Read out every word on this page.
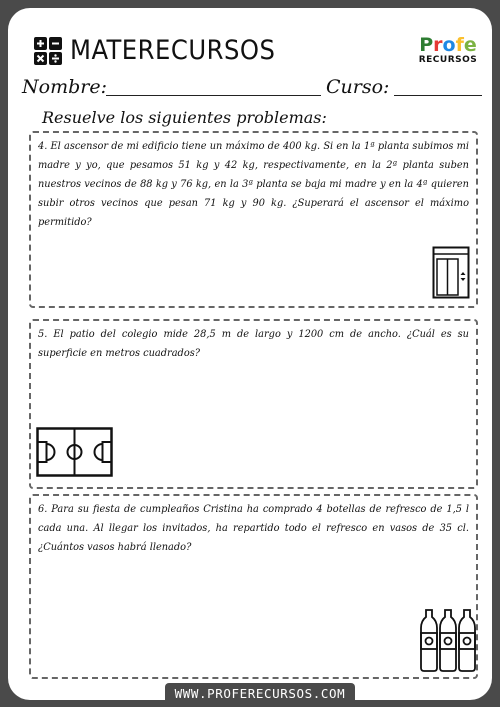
MATERECURSOS	Profe
RECURSOS
Nombre:	Curso:
Resuelve los siguientes problemas:
4. El ascensor de mi edificio tiene un máximo de 400 kg. Si en la 1ª planta subimos mi madre y yo, que pesamos 51 kg y 42 kg, respectivamente, en la 2ª planta suben nuestros vecinos de 88 kg y 76 kg, en la 3ª planta se baja mi madre y en la 4ª quieren subir otros vecinos que pesan 71 kg y 90 kg. ¿Superará el ascensor el máximo permitido?
5. El patio del colegio mide 28,5 m de largo y 1200 cm de ancho. ¿Cuál es su superficie en metros cuadrados?
6. Para su fiesta de cumpleaños Cristina ha comprado 4 botellas de refresco de 1,5 l cada una. Al llegar los invitados, ha repartido todo el refresco en vasos de 35 cl. ¿Cuántos vasos habrá llenado?
WWW.PROFERECURSOS.COM
